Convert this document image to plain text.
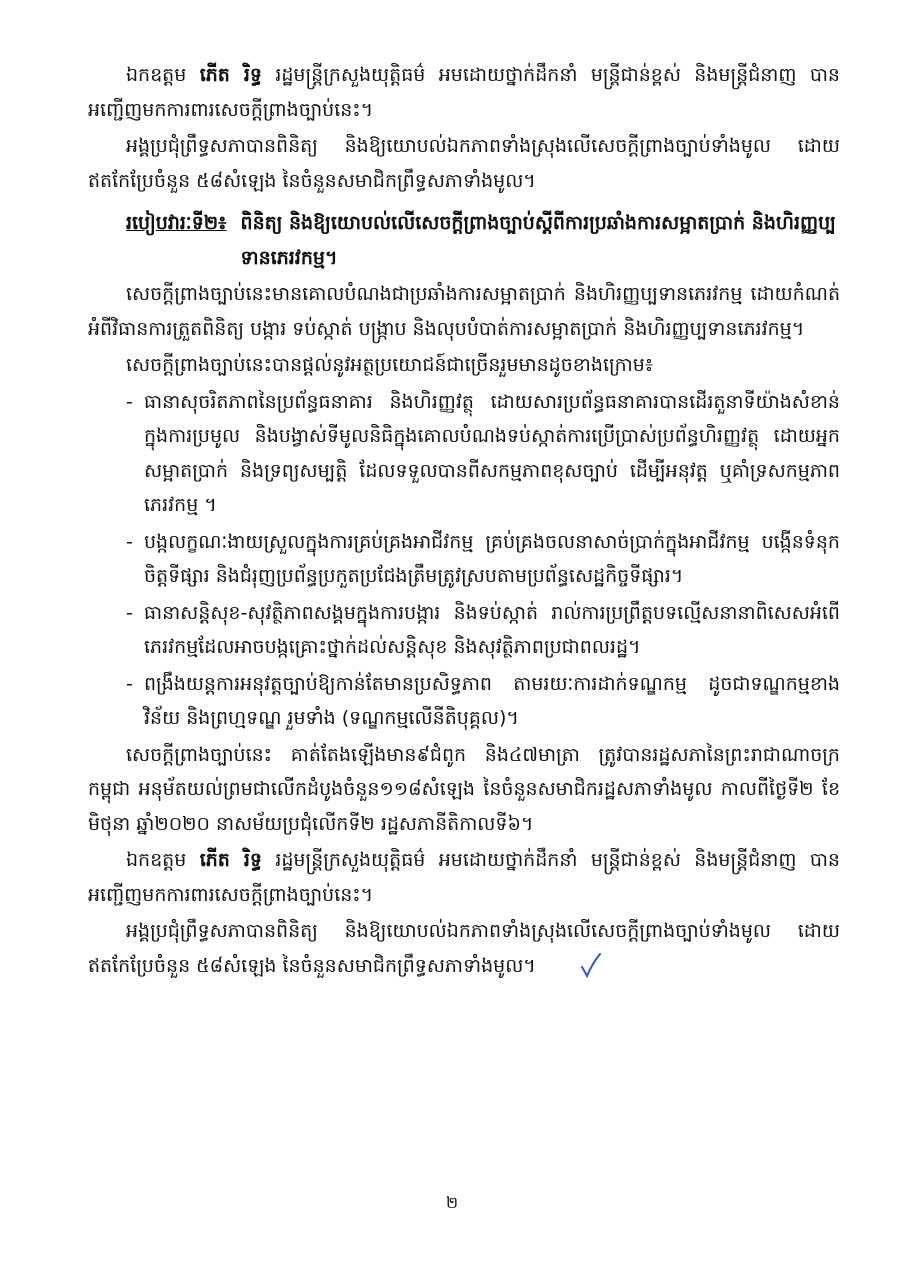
ឯកឧត្តម ភើត រិទ្ធ រដ្ឋមន្ត្រីក្រសួងយុត្តិធម៌ អមដោយថ្នាក់ដឹកនាំ មន្ត្រីជាន់ខ្ពស់ និងមន្ត្រីជំនាញ បានអញ្ជើញមកការពារសេចក្តីព្រាងច្បាប់នេះ។

អង្គប្រជុំព្រឹទ្ធសភាបានពិនិត្យ និងឱ្យយោបល់ឯកភាពទាំងស្រុងលើសេចក្តីព្រាងច្បាប់ទាំងមូល ដោយឥតកែប្រែចំនួន ៥៨សំឡេង នៃចំនួនសមាជិកព្រឹទ្ធសភាទាំងមូល។

របៀបវារៈទី២៖ ពិនិត្យ និងឱ្យយោបល់លើសេចក្តីព្រាងច្បាប់ស្តីពីការប្រឆាំងការសម្អាតប្រាក់ និងហិរញ្ញប្បទានភេរវកម្ម។

សេចក្តីព្រាងច្បាប់នេះមានគោលបំណងជាប្រឆាំងការសម្អាតប្រាក់ និងហិរញ្ញប្បទានភេរវកម្ម ដោយកំណត់អំពីវិធានការត្រួតពិនិត្យ បង្ការ ទប់ស្កាត់ បង្ក្រាប និងលុបបំបាត់ការសម្អាតប្រាក់ និងហិរញ្ញប្បទានភេរវកម្ម។

សេចក្តីព្រាងច្បាប់នេះបានផ្តល់នូវអត្ថប្រយោជន៍ជាច្រើនរួមមានដូចខាងក្រោម៖

- ធានាសុចរិតភាពនៃប្រព័ន្ធធនាគារ និងហិរញ្ញវត្ថុ ដោយសារប្រព័ន្ធធនាគារបានដើរតួនាទីយ៉ាងសំខាន់ក្នុងការប្រមូល និងបង្វាស់ទីមូលនិធិក្នុងគោលបំណងទប់ស្កាត់ការប្រើប្រាស់ប្រព័ន្ធហិរញ្ញវត្ថុ ដោយអ្នកសម្អាតប្រាក់ និងទ្រព្យសម្បត្តិ ដែលទទួលបានពីសកម្មភាពខុសច្បាប់ ដើម្បីអនុវត្ត ឬគាំទ្រសកម្មភាពភេរវកម្ម ។
- បង្កលក្ខណៈងាយស្រួលក្នុងការគ្រប់គ្រងអាជីវកម្ម គ្រប់គ្រងចលនាសាច់ប្រាក់ក្នុងអាជីវកម្ម បង្កើនទំនុកចិត្តទីផ្សារ និងជំរុញប្រព័ន្ធប្រកួតប្រជែងត្រឹមត្រូវស្របតាមប្រព័ន្ធសេដ្ឋកិច្ចទីផ្សារ។
- ធានាសន្តិសុខ-សុវត្ថិភាពសង្គមក្នុងការបង្ការ និងទប់ស្កាត់ រាល់ការប្រព្រឹត្តបទល្មើសនានាពិសេសអំពើភេរវកម្មដែលអាចបង្កគ្រោះថ្នាក់ដល់សន្តិសុខ និងសុវត្ថិភាពប្រជាពលរដ្ឋ។
- ពង្រឹងយន្តការអនុវត្តច្បាប់ឱ្យកាន់តែមានប្រសិទ្ធភាព តាមរយៈការដាក់ទណ្ឌកម្ម ដូចជាទណ្ឌកម្មខាងវិន័យ និងព្រហ្មទណ្ឌ រួមទាំង (ទណ្ឌកម្មលើនីតិបុគ្គល)។

សេចក្តីព្រាងច្បាប់នេះ គាត់តែងឡើងមាន៩ជំពូក និង៤៧មាត្រា ត្រូវបានរដ្ឋសភានៃព្រះរាជាណាចក្រកម្ពុជា អនុម័តយល់ព្រមជាលើកដំបូងចំនួន១១៨សំឡេង នៃចំនួនសមាជិករដ្ឋសភាទាំងមូល កាលពីថ្ងៃទី២ ខែមិថុនា ឆ្នាំ២០២០ នាសម័យប្រជុំលើកទី២ រដ្ឋសភានីតិកាលទី៦។

ឯកឧត្តម ភើត រិទ្ធ រដ្ឋមន្ត្រីក្រសួងយុត្តិធម៌ អមដោយថ្នាក់ដឹកនាំ មន្ត្រីជាន់ខ្ពស់ និងមន្ត្រីជំនាញ បានអញ្ជើញមកការពារសេចក្តីព្រាងច្បាប់នេះ។

អង្គប្រជុំព្រឹទ្ធសភាបានពិនិត្យ និងឱ្យយោបល់ឯកភាពទាំងស្រុងលើសេចក្តីព្រាងច្បាប់ទាំងមូល ដោយឥតកែប្រែចំនួន ៥៨សំឡេង នៃចំនួនសមាជិកព្រឹទ្ធសភាទាំងមូល។

២
